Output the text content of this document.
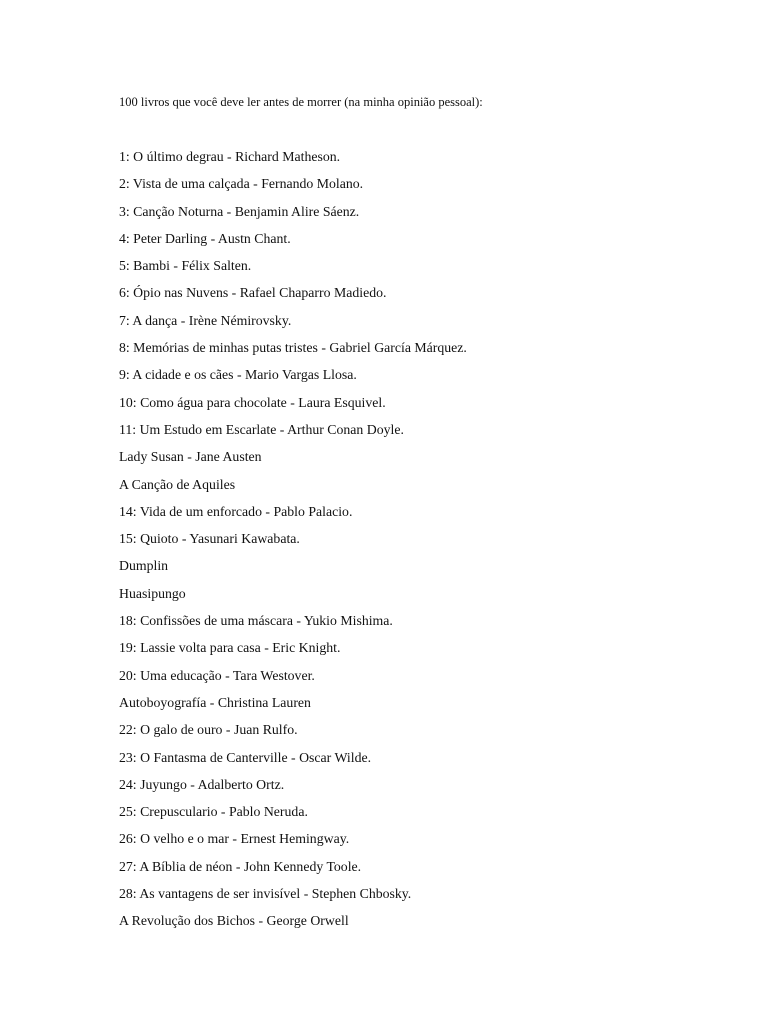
100 livros que você deve ler antes de morrer (na minha opinião pessoal):
1: O último degrau - Richard Matheson.
2: Vista de uma calçada - Fernando Molano.
3: Canção Noturna - Benjamin Alire Sáenz.
4: Peter Darling - Austn Chant.
5: Bambi - Félix Salten.
6: Ópio nas Nuvens - Rafael Chaparro Madiedo.
7: A dança - Irène Némirovsky.
8: Memórias de minhas putas tristes - Gabriel García Márquez.
9: A cidade e os cães - Mario Vargas Llosa.
10: Como água para chocolate - Laura Esquivel.
11: Um Estudo em Escarlate - Arthur Conan Doyle.
Lady Susan - Jane Austen
A Canção de Aquiles
14: Vida de um enforcado - Pablo Palacio.
15: Quioto - Yasunari Kawabata.
Dumplin
Huasipungo
18: Confissões de uma máscara - Yukio Mishima.
19: Lassie volta para casa - Eric Knight.
20: Uma educação - Tara Westover.
Autoboyografía - Christina Lauren
22: O galo de ouro - Juan Rulfo.
23: O Fantasma de Canterville - Oscar Wilde.
24: Juyungo - Adalberto Ortz.
25: Crepusculario - Pablo Neruda.
26: O velho e o mar - Ernest Hemingway.
27: A Bíblia de néon - John Kennedy Toole.
28: As vantagens de ser invisível - Stephen Chbosky.
A Revolução dos Bichos - George Orwell
